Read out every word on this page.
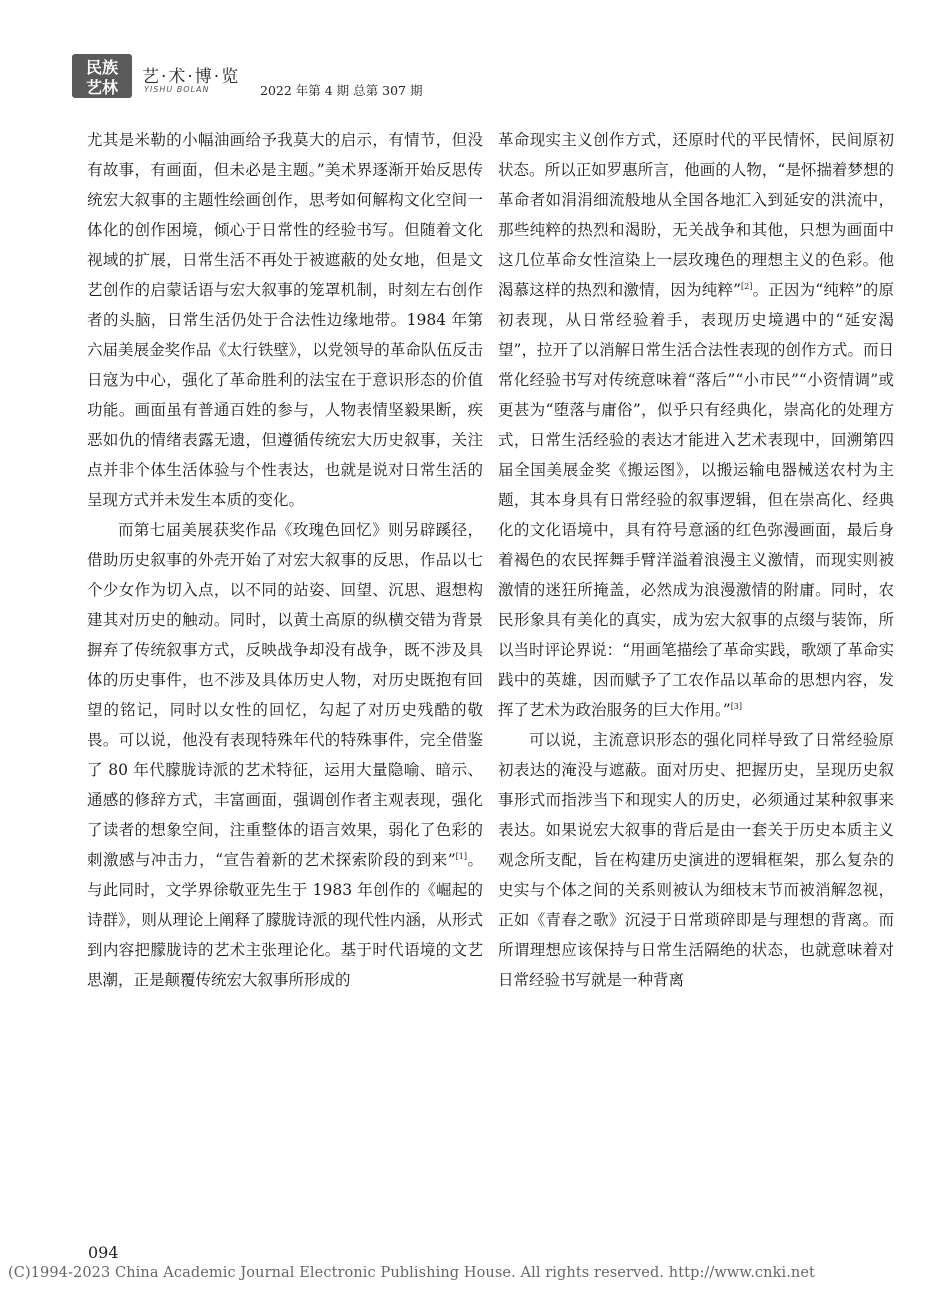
民族
艺林
艺·术·博·览
YISHU BOLAN	2022 年第 4 期 总第 307 期

尤其是米勒的小幅油画给予我莫大的启示，有情节，但没有故事，有画面，但未必是主题。”美术界逐渐开始反思传统宏大叙事的主题性绘画创作，思考如何解构文化空间一体化的创作困境，倾心于日常性的经验书写。但随着文化视域的扩展，日常生活不再处于被遮蔽的处女地，但是文艺创作的启蒙话语与宏大叙事的笼罩机制，时刻左右创作者的头脑，日常生活仍处于合法性边缘地带。1984 年第六届美展金奖作品《太行铁壁》，以党领导的革命队伍反击日寇为中心，强化了革命胜利的法宝在于意识形态的价值功能。画面虽有普通百姓的参与，人物表情坚毅果断，疾恶如仇的情绪表露无遗，但遵循传统宏大历史叙事，关注点并非个体生活体验与个性表达，也就是说对日常生活的呈现方式并未发生本质的变化。

而第七届美展获奖作品《玫瑰色回忆》则另辟蹊径，借助历史叙事的外壳开始了对宏大叙事的反思，作品以七个少女作为切入点，以不同的站姿、回望、沉思、遐想构建其对历史的触动。同时，以黄土高原的纵横交错为背景摒弃了传统叙事方式，反映战争却没有战争，既不涉及具体的历史事件，也不涉及具体历史人物，对历史既抱有回望的铭记，同时以女性的回忆，勾起了对历史残酷的敬畏。可以说，他没有表现特殊年代的特殊事件，完全借鉴了 80 年代朦胧诗派的艺术特征，运用大量隐喻、暗示、通感的修辞方式，丰富画面，强调创作者主观表现，强化了读者的想象空间，注重整体的语言效果，弱化了色彩的刺激感与冲击力，“宣告着新的艺术探索阶段的到来”[1]。与此同时，文学界徐敬亚先生于 1983 年创作的《崛起的诗群》，则从理论上阐释了朦胧诗派的现代性内涵，从形式到内容把朦胧诗的艺术主张理论化。基于时代语境的文艺思潮，正是颠覆传统宏大叙事所形成的

革命现实主义创作方式，还原时代的平民情怀，民间原初状态。所以正如罗惠所言，他画的人物，“是怀揣着梦想的革命者如涓涓细流般地从全国各地汇入到延安的洪流中，那些纯粹的热烈和渴盼，无关战争和其他，只想为画面中这几位革命女性渲染上一层玫瑰色的理想主义的色彩。他渴慕这样的热烈和激情，因为纯粹”[2]。正因为“纯粹”的原初表现，从日常经验着手，表现历史境遇中的“延安渴望”，拉开了以消解日常生活合法性表现的创作方式。而日常化经验书写对传统意味着“落后”“小市民”“小资情调”或更甚为“堕落与庸俗”，似乎只有经典化，崇高化的处理方式，日常生活经验的表达才能进入艺术表现中，回溯第四届全国美展金奖《搬运图》，以搬运输电器械送农村为主题，其本身具有日常经验的叙事逻辑，但在崇高化、经典化的文化语境中，具有符号意涵的红色弥漫画面，最后身着褐色的农民挥舞手臂洋溢着浪漫主义激情，而现实则被激情的迷狂所掩盖，必然成为浪漫激情的附庸。同时，农民形象具有美化的真实，成为宏大叙事的点缀与装饰，所以当时评论界说：“用画笔描绘了革命实践，歌颂了革命实践中的英雄，因而赋予了工农作品以革命的思想内容，发挥了艺术为政治服务的巨大作用。”[3]

可以说，主流意识形态的强化同样导致了日常经验原初表达的淹没与遮蔽。面对历史、把握历史，呈现历史叙事形式而指涉当下和现实人的历史，必须通过某种叙事来表达。如果说宏大叙事的背后是由一套关于历史本质主义观念所支配，旨在构建历史演进的逻辑框架，那么复杂的史实与个体之间的关系则被认为细枝末节而被消解忽视，正如《青春之歌》沉浸于日常琐碎即是与理想的背离。而所谓理想应该保持与日常生活隔绝的状态，也就意味着对日常经验书写就是一种背离

094
(C)1994-2023 China Academic Journal Electronic Publishing House. All rights reserved. http://www.cnki.net
